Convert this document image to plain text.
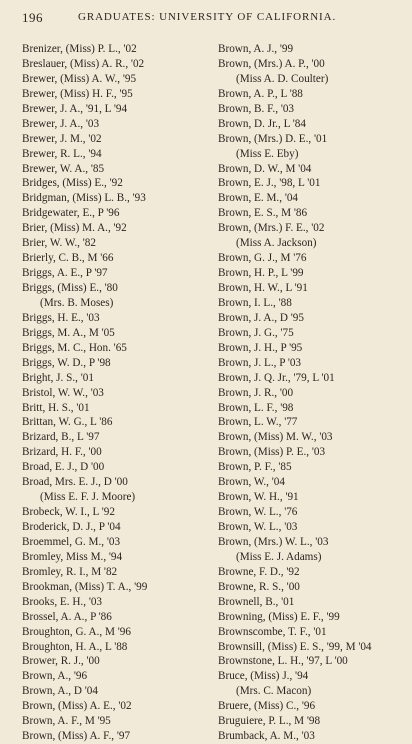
196	GRADUATES: UNIVERSITY OF CALIFORNIA.
Brenizer, (Miss) P. L., '02
Breslauer, (Miss) A. R., '02
Brewer, (Miss) A. W., '95
Brewer, (Miss) H. F., '95
Brewer, J. A., '91, L '94
Brewer, J. A., '03
Brewer, J. M., '02
Brewer, R. L., '94
Brewer, W. A., '85
Bridges, (Miss) E., '92
Bridgman, (Miss) L. B., '93
Bridgewater, E., P '96
Brier, (Miss) M. A., '92
Brier, W. W., '82
Brierly, C. B., M '66
Briggs, A. E., P '97
Briggs, (Miss) E., '80
(Mrs. B. Moses)
Briggs, H. E., '03
Briggs, M. A., M '05
Briggs, M. C., Hon. '65
Briggs, W. D., P '98
Bright, J. S., '01
Bristol, W. W., '03
Britt, H. S., '01
Brittan, W. G., L '86
Brizard, B., L '97
Brizard, H. F., '00
Broad, E. J., D '00
Broad, Mrs. E. J., D '00
(Miss E. F. J. Moore)
Brobeck, W. I., L '92
Broderick, D. J., P '04
Broemmel, G. M., '03
Bromley, Miss M., '94
Bromley, R. I., M '82
Brookman, (Miss) T. A., '99
Brooks, E. H., '03
Brossel, A. A., P '86
Broughton, G. A., M '96
Broughton, H. A., L '88
Brower, R. J., '00
Brown, A., '96
Brown, A., D '04
Brown, (Miss) A. E., '02
Brown, A. F., M '95
Brown, (Miss) A. F., '97
Brown, A. J., '99
Brown, (Mrs.) A. P., '00
(Miss A. D. Coulter)
Brown, A. P., L '88
Brown, B. F., '03
Brown, D. Jr., L '84
Brown, (Mrs.) D. E., '01
(Miss E. Eby)
Brown, D. W., M '04
Brown, E. J., '98, L '01
Brown, E. M., '04
Brown, E. S., M '86
Brown, (Mrs.) F. E., '02
(Miss A. Jackson)
Brown, G. J., M '76
Brown, H. P., L '99
Brown, H. W., L '91
Brown, I. L., '88
Brown, J. A., D '95
Brown, J. G., '75
Brown, J. H., P '95
Brown, J. L., P '03
Brown, J. Q. Jr., '79, L '01
Brown, J. R., '00
Brown, L. F., '98
Brown, L. W., '77
Brown, (Miss) M. W., '03
Brown, (Miss) P. E., '03
Brown, P. F., '85
Brown, W., '04
Brown, W. H., '91
Brown, W. L., '76
Brown, W. L., '03
Brown, (Mrs.) W. L., '03
(Miss E. J. Adams)
Browne, F. D., '92
Browne, R. S., '00
Brownell, B., '01
Browning, (Miss) E. F., '99
Brownscombe, T. F., '01
Brownsill, (Miss) E. S., '99, M '04
Brownstone, L. H., '97, L '00
Bruce, (Miss) J., '94
(Mrs. C. Macon)
Bruere, (Miss) C., '96
Bruguiere, P. L., M '98
Brumback, A. M., '03
